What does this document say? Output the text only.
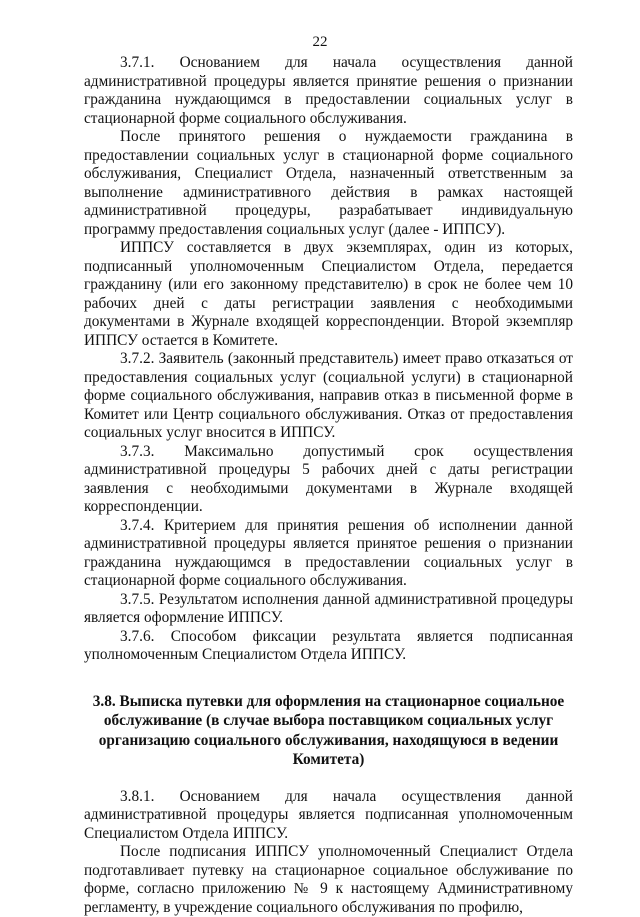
22

3.7.1. Основанием для начала осуществления данной административной процедуры является принятие решения о признании гражданина нуждающимся в предоставлении социальных услуг в стационарной форме социального обслуживания.

После принятого решения о нуждаемости гражданина в предоставлении социальных услуг в стационарной форме социального обслуживания, Специалист Отдела, назначенный ответственным за выполнение административного действия в рамках настоящей административной процедуры, разрабатывает индивидуальную программу предоставления социальных услуг (далее - ИППСУ).

ИППСУ составляется в двух экземплярах, один из которых, подписанный уполномоченным Специалистом Отдела, передается гражданину (или его законному представителю) в срок не более чем 10 рабочих дней с даты регистрации заявления с необходимыми документами в Журнале входящей корреспонденции. Второй экземпляр ИППСУ остается в Комитете.

3.7.2. Заявитель (законный представитель) имеет право отказаться от предоставления социальных услуг (социальной услуги) в стационарной форме социального обслуживания, направив отказ в письменной форме в Комитет или Центр социального обслуживания. Отказ от предоставления социальных услуг вносится в ИППСУ.

3.7.3. Максимально допустимый срок осуществления административной процедуры 5 рабочих дней с даты регистрации заявления с необходимыми документами в Журнале входящей корреспонденции.

3.7.4. Критерием для принятия решения об исполнении данной административной процедуры является принятое решения о признании гражданина нуждающимся в предоставлении социальных услуг в стационарной форме социального обслуживания.

3.7.5. Результатом исполнения данной административной процедуры является оформление ИППСУ.

3.7.6. Способом фиксации результата является подписанная уполномоченным Специалистом Отдела ИППСУ.

3.8. Выписка путевки для оформления на стационарное социальное обслуживание (в случае выбора поставщиком социальных услуг организацию социального обслуживания, находящуюся в ведении Комитета)

3.8.1. Основанием для начала осуществления данной административной процедуры является подписанная уполномоченным Специалистом Отдела ИППСУ.

После подписания ИППСУ уполномоченный Специалист Отдела подготавливает путевку на стационарное социальное обслуживание по форме, согласно приложению № 9 к настоящему Административному регламенту, в учреждение социального обслуживания по профилю,
